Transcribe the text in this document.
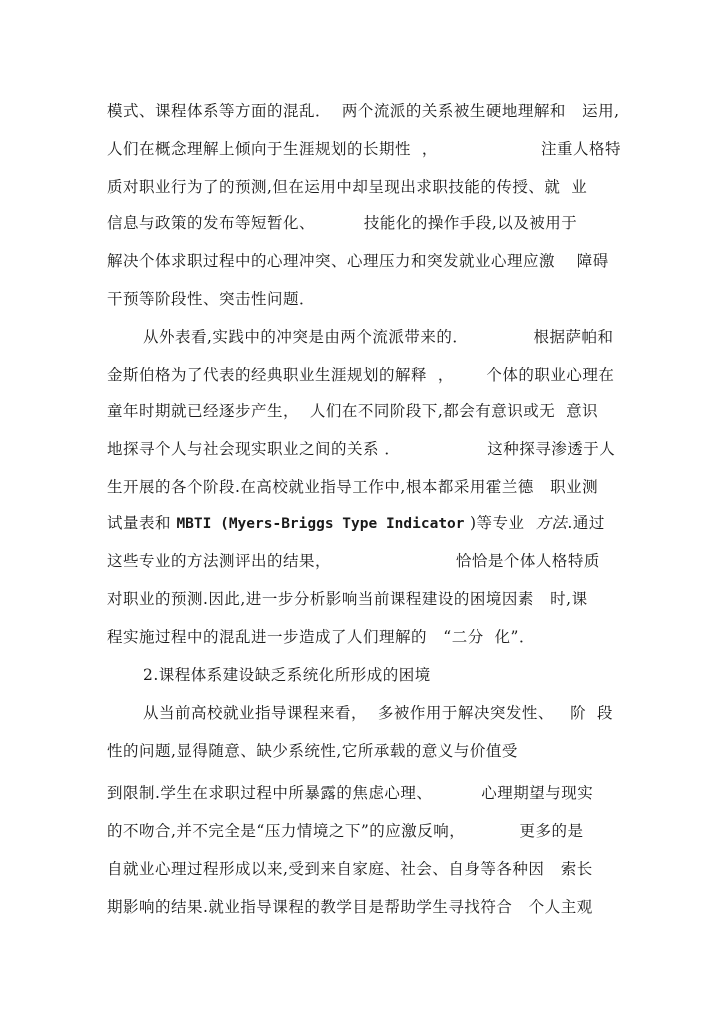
模式、课程体系等方面的混乱．  两个流派的关系被生硬地理解和   运用,
人们在概念理解上倾向于生涯规划的长期性  ，                   注重人格特
质对职业行为了的预测,但在运用中却呈现出求职技能的传授、就  业
信息与政策的发布等短暂化、         技能化的操作手段,以及被用于
解决个体求职过程中的心理冲突、心理压力和突发就业心理应激    障碍
干预等阶段性、突击性问题．
从外表看,实践中的冲突是由两个流派带来的．            根据萨帕和
金斯伯格为了代表的经典职业生涯规划的解释  ，      个体的职业心理在
童年时期就已经逐步产生，  人们在不同阶段下,都会有意识或无  意识
地探寻个人与社会现实职业之间的关系 ．                这种探寻渗透于人
生开展的各个阶段.在高校就业指导工作中,根本都采用霍兰德   职业测
试量表和 MBTI (Myers-Briggs Type Indicator )等专业  方法.通过
这些专业的方法测评出的结果，                       恰恰是个体人格特质
对职业的预测.因此,进一步分析影响当前课程建设的困境因素   时,课
程实施过程中的混乱进一步造成了人们理解的   “二分  化”．
2.课程体系建设缺乏系统化所形成的困境
从当前高校就业指导课程来看，  多被作用于解决突发性、   阶  段
性的问题,显得随意、缺少系统性,它所承载的意义与价值受
到限制.学生在求职过程中所暴露的焦虑心理、         心理期望与现实
的不吻合,并不完全是“压力情境之下”的应激反响，          更多的是
自就业心理过程形成以来,受到来自家庭、社会、自身等各种因   索长
期影响的结果.就业指导课程的教学目是帮助学生寻找符合   个人主观
